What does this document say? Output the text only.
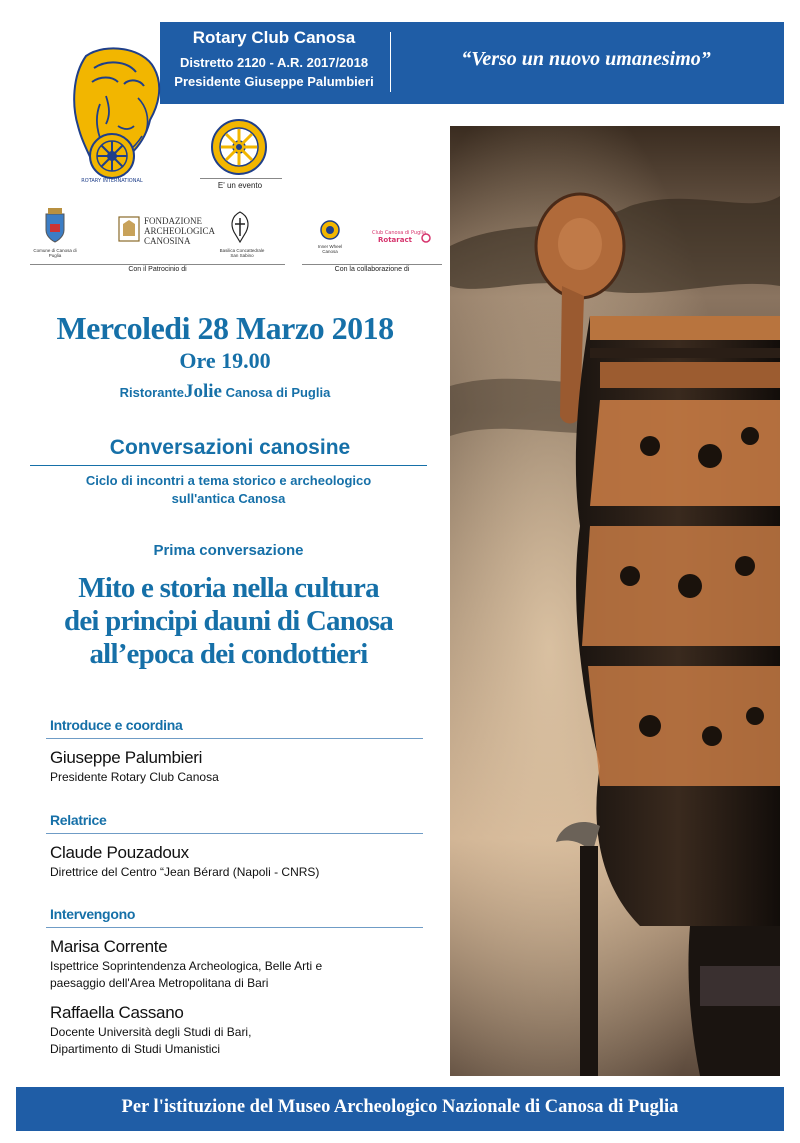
Rotary Club Canosa
Distretto 2120 - A.R. 2017/2018
Presidente Giuseppe Palumbieri
“Verso un nuovo umanesimo”
ROTARY INTERNATIONAL	E' un evento
Comune di Canosa di Puglia
FONDAZIONE ARCHEOLOGICA CANOSINA
Basilica Concattedrale San Sabino
Con il Patrocinio di
Inner Wheel Canosa
Club Canosa di Puglia
Rotaract
Con la collaborazione di
Mercoledi 28 Marzo 2018
Ore 19.00
RistoranteJolie Canosa di Puglia
Conversazioni canosine
Ciclo di incontri a tema storico e archeologico
sull'antica Canosa
Prima conversazione
Mito e storia nella cultura
dei principi dauni di Canosa
all’epoca dei condottieri
Introduce e coordina
Giuseppe Palumbieri
Presidente Rotary Club Canosa
Relatrice
Claude Pouzadoux
Direttrice del Centro “Jean Bérard (Napoli - CNRS)
Intervengono
Marisa Corrente
Ispettrice Soprintendenza Archeologica, Belle Arti e
paesaggio dell'Area Metropolitana di Bari
Raffaella Cassano
Docente Università degli Studi di Bari,
Dipartimento di Studi Umanistici
Per l'istituzione del Museo Archeologico Nazionale di Canosa di Puglia
